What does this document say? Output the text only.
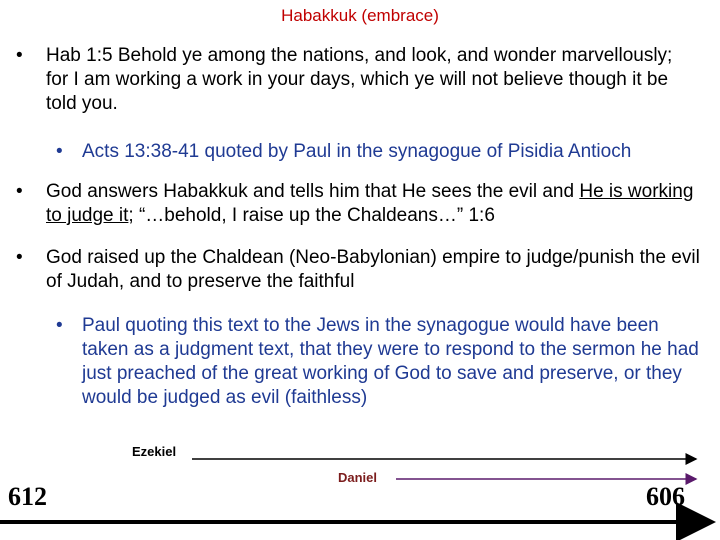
Habakkuk (embrace)
• Hab 1:5 Behold ye among the nations, and look, and wonder marvellously; for I am working a work in your days, which ye will not believe though it be told you.
• Acts 13:38-41 quoted by Paul in the synagogue of Pisidia Antioch
• God answers Habakkuk and tells him that He sees the evil and He is working to judge it; “…behold, I raise up the Chaldeans…” 1:6
• God raised up the Chaldean (Neo-Babylonian) empire to judge/punish the evil of Judah, and to preserve the faithful
• Paul quoting this text to the Jews in the synagogue would have been taken as a judgment text, that they were to respond to the sermon he had just preached of the great working of God to save and preserve, or they would be judged as evil (faithless)
Ezekiel
Daniel
612	606
